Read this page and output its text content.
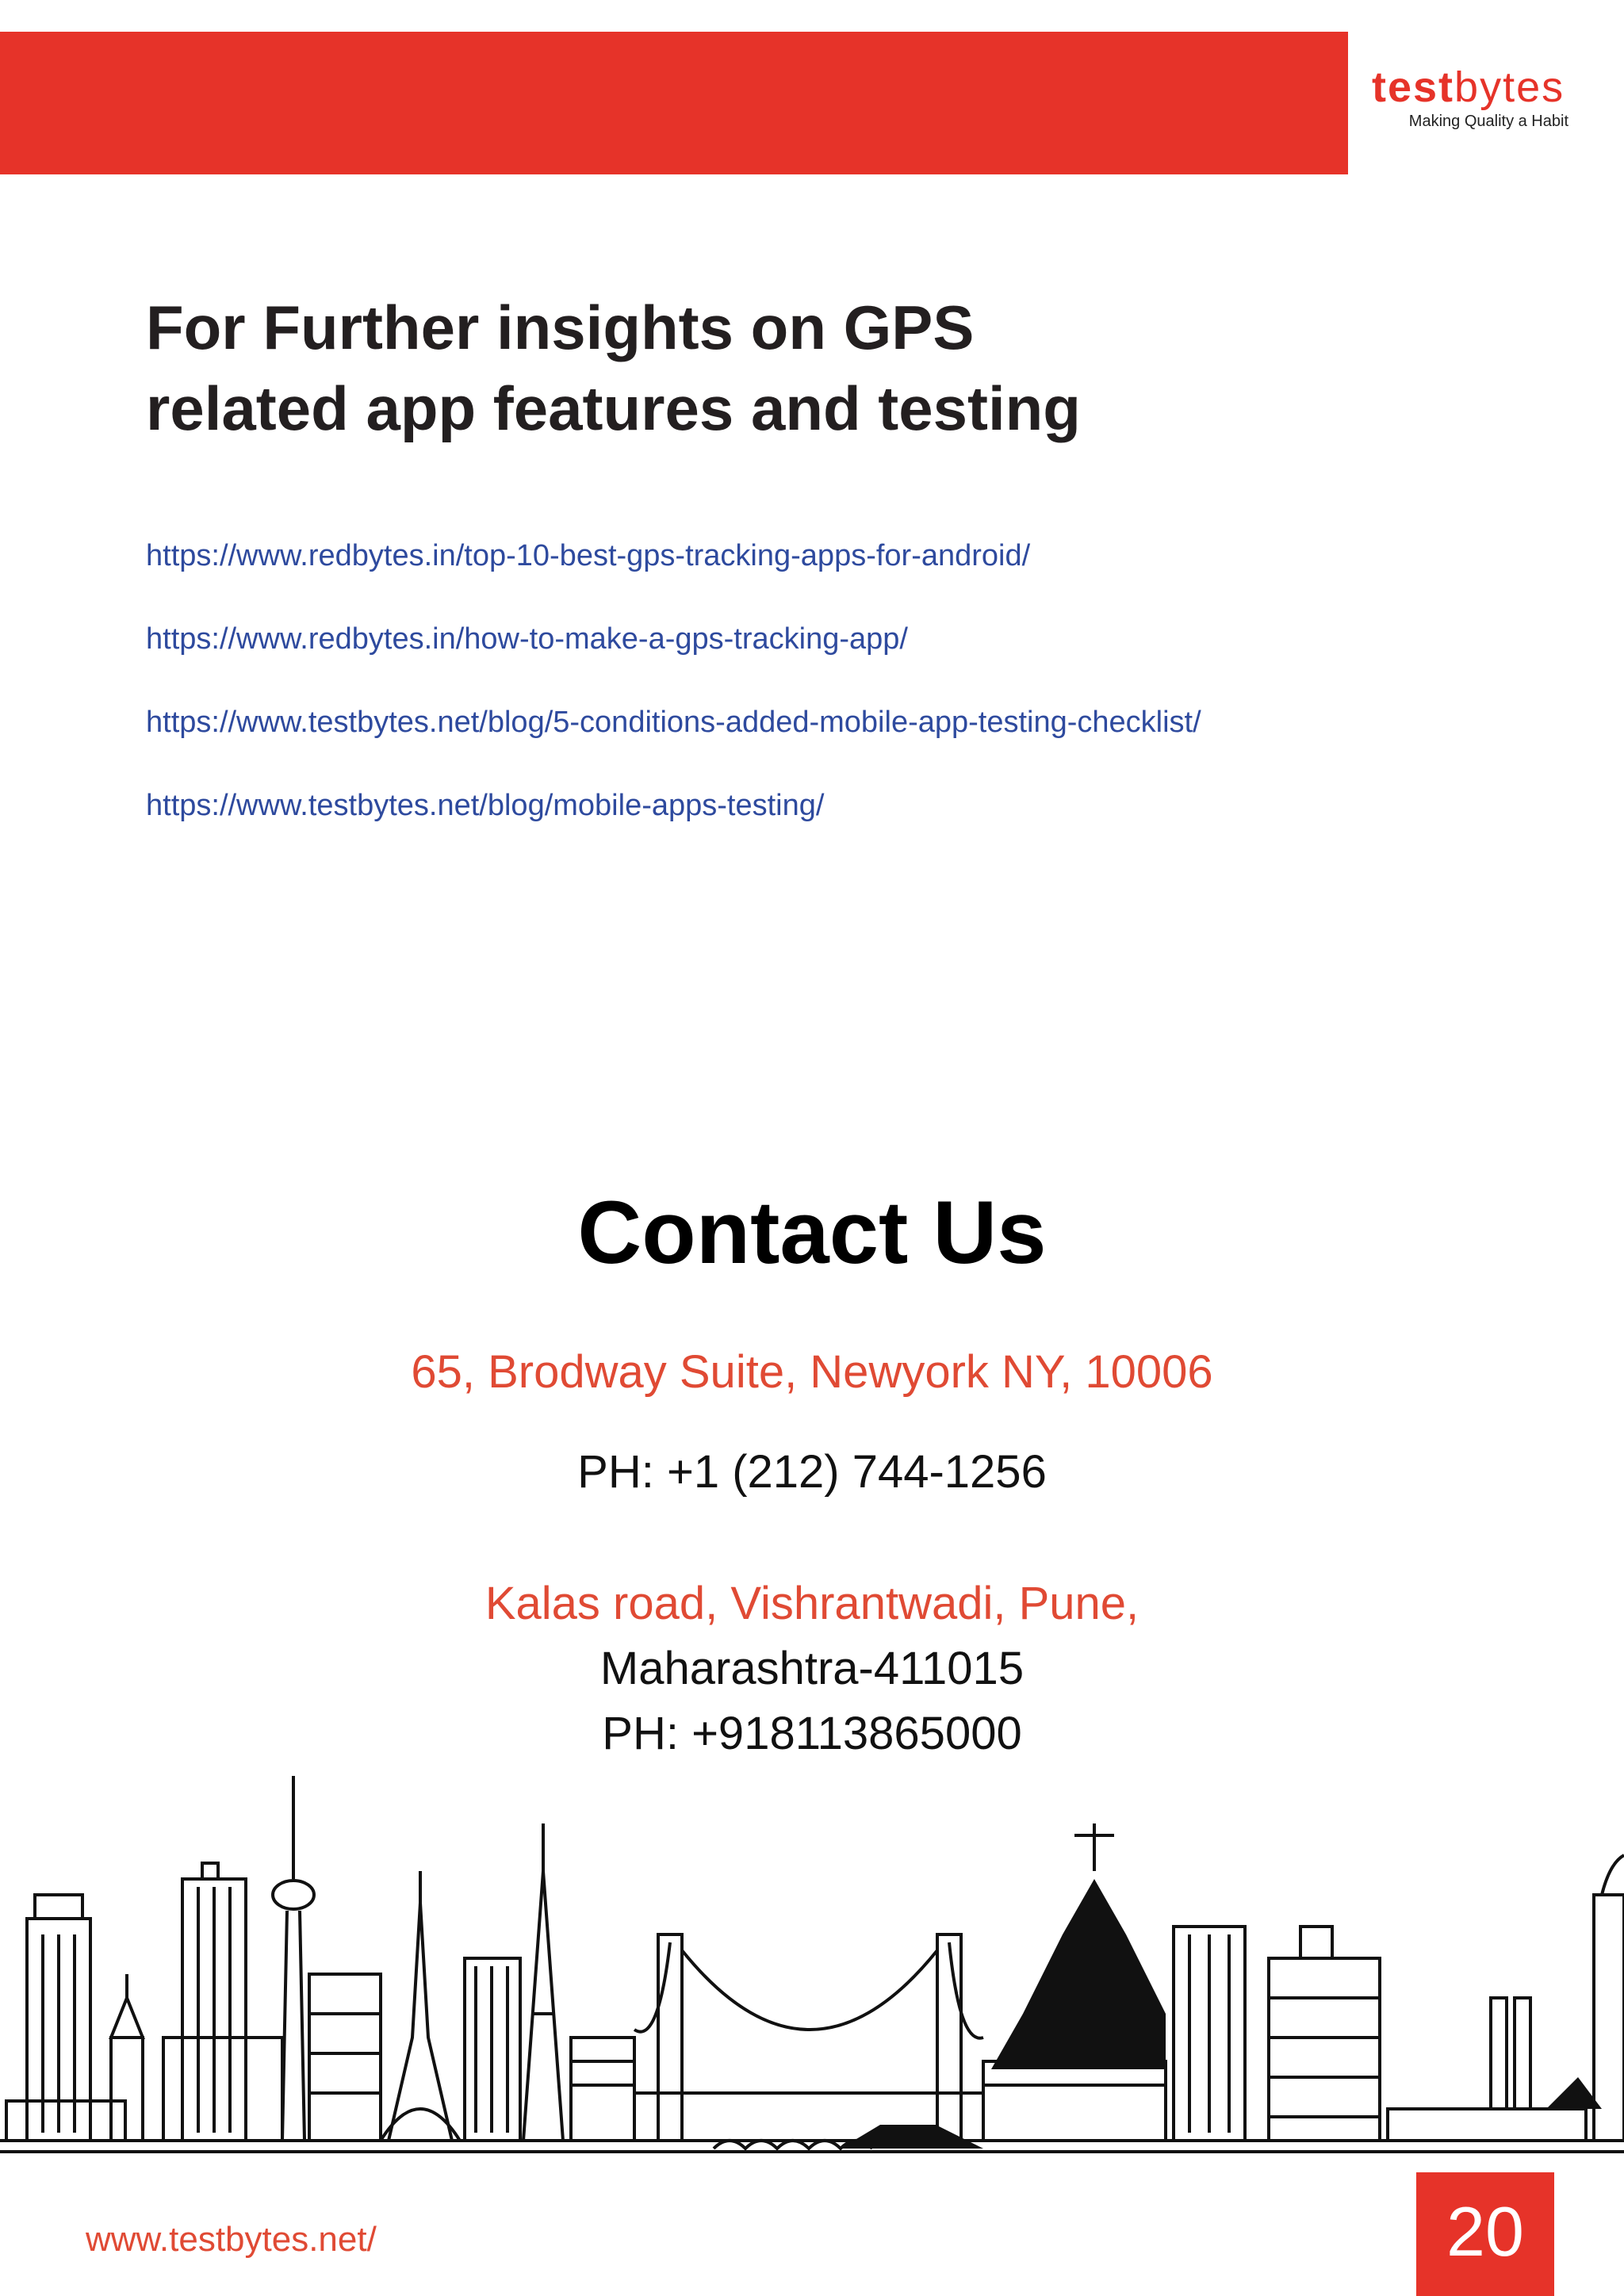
testbytes
Making Quality a Habit
For Further insights on GPS
related app features and testing
https://www.redbytes.in/top-10-best-gps-tracking-apps-for-android/
https://www.redbytes.in/how-to-make-a-gps-tracking-app/
https://www.testbytes.net/blog/5-conditions-added-mobile-app-testing-checklist/
https://www.testbytes.net/blog/mobile-apps-testing/
Contact Us
65, Brodway Suite, Newyork NY, 10006
PH: +1 (212) 744-1256
Kalas road, Vishrantwadi, Pune,
Maharashtra-411015
PH: +918113865000
www.testbytes.net/	20
